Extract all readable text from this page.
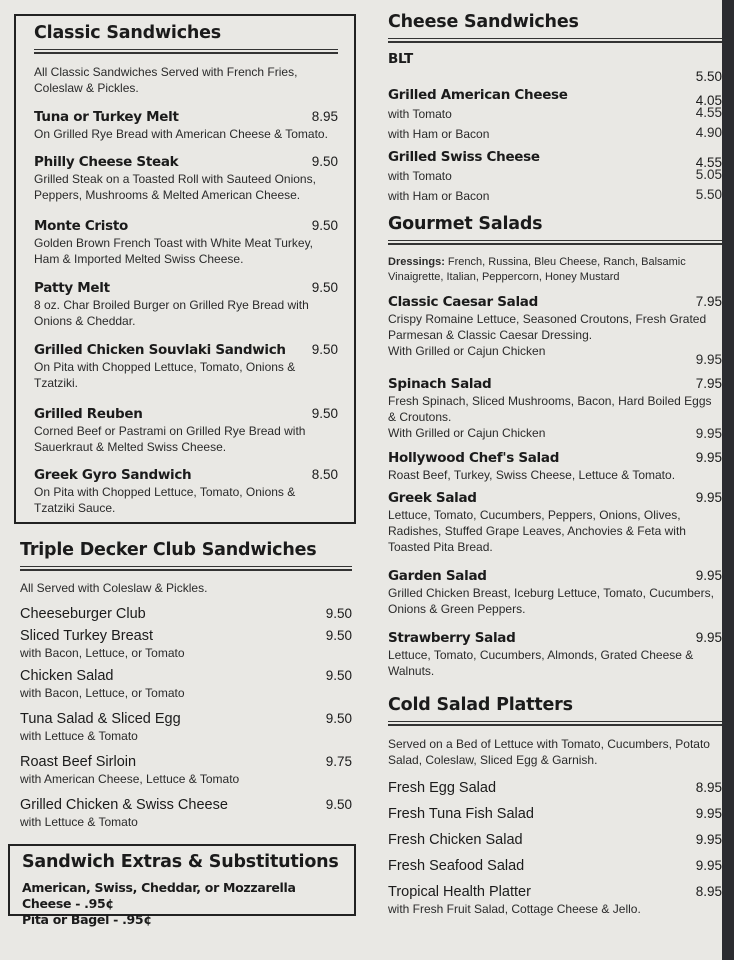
Classic Sandwiches
All Classic Sandwiches Served with French Fries, Coleslaw & Pickles.
Tuna or Turkey Melt	8.95
On Grilled Rye Bread with American Cheese & Tomato.
Philly Cheese Steak	9.50
Grilled Steak on a Toasted Roll with Sauteed Onions, Peppers, Mushrooms & Melted American Cheese.
Monte Cristo	9.50
Golden Brown French Toast with White Meat Turkey, Ham & Imported Melted Swiss Cheese.
Patty Melt	9.50
8 oz. Char Broiled Burger on Grilled Rye Bread with Onions & Cheddar.
Grilled Chicken Souvlaki Sandwich 9.50
On Pita with Chopped Lettuce, Tomato, Onions & Tzatziki.
Grilled Reuben	9.50
Corned Beef or Pastrami on Grilled Rye Bread with Sauerkraut & Melted Swiss Cheese.
Greek Gyro Sandwich	8.50
On Pita with Chopped Lettuce, Tomato, Onions & Tzatziki Sauce.
Triple Decker Club Sandwiches
All Served with Coleslaw & Pickles.
Cheeseburger Club	9.50
Sliced Turkey Breast	9.50
with Bacon, Lettuce, or Tomato
Chicken Salad	9.50
with Bacon, Lettuce, or Tomato
Tuna Salad & Sliced Egg	9.50
with Lettuce & Tomato
Roast Beef Sirloin	9.75
with American Cheese, Lettuce & Tomato
Grilled Chicken & Swiss Cheese	9.50
with Lettuce & Tomato
Sandwich Extras & Substitutions
American, Swiss, Cheddar, or Mozzarella Cheese - .95¢
Pita or Bagel - .95¢
Cheese Sandwiches
BLT
5.50
Grilled American Cheese	4.05
with Tomato	4.55
with Ham or Bacon	4.90
Grilled Swiss Cheese	4.55
with Tomato	5.05
with Ham or Bacon	5.50
Gourmet Salads
Dressings: French, Russina, Bleu Cheese, Ranch, Balsamic Vinaigrette, Italian, Peppercorn, Honey Mustard
Classic Caesar Salad	7.95
Crispy Romaine Lettuce, Seasoned Croutons, Fresh Grated Parmesan & Classic Caesar Dressing.
With Grilled or Cajun Chicken
9.95
Spinach Salad	7.95
Fresh Spinach, Sliced Mushrooms, Bacon, Hard Boiled Eggs & Croutons.
With Grilled or Cajun Chicken	9.95
Hollywood Chef's Salad	9.95
Roast Beef, Turkey, Swiss Cheese, Lettuce & Tomato.
Greek Salad	9.95
Lettuce, Tomato, Cucumbers, Peppers, Onions, Olives, Radishes, Stuffed Grape Leaves, Anchovies & Feta with Toasted Pita Bread.
Garden Salad	9.95
Grilled Chicken Breast, Iceburg Lettuce, Tomato, Cucumbers, Onions & Green Peppers.
Strawberry Salad	9.95
Lettuce, Tomato, Cucumbers, Almonds, Grated Cheese & Walnuts.
Cold Salad Platters
Served on a Bed of Lettuce with Tomato, Cucumbers, Potato Salad, Coleslaw, Sliced Egg & Garnish.
Fresh Egg Salad	8.95
Fresh Tuna Fish Salad	9.95
Fresh Chicken Salad	9.95
Fresh Seafood Salad	9.95
Tropical Health Platter	8.95
with Fresh Fruit Salad, Cottage Cheese & Jello.
